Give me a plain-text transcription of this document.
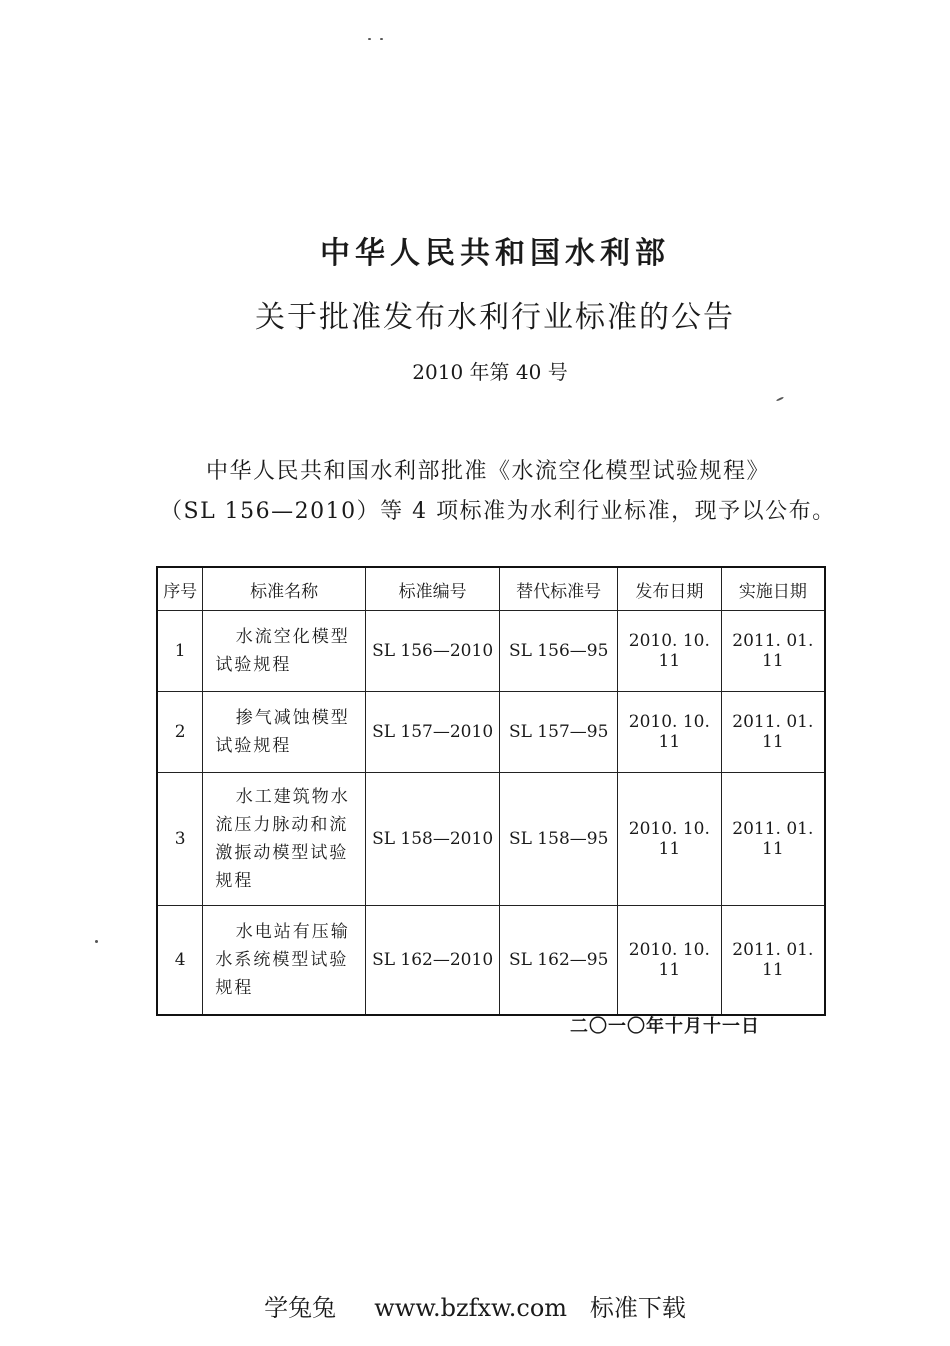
中华人民共和国水利部
关于批准发布水利行业标准的公告
2010 年第 40 号
中华人民共和国水利部批准《水流空化模型试验规程》
（SL 156—2010）等 4 项标准为水利行业标准，现予以公布。
序号	标准名称	标准编号	替代标准号	发布日期	实施日期
1	水流空化模型试验规程	SL 156—2010	SL 156—95	2010. 10. 11	2011. 01. 11
2	掺气减蚀模型试验规程	SL 157—2010	SL 157—95	2010. 10. 11	2011. 01. 11
3	水工建筑物水流压力脉动和流激振动模型试验规程	SL 158—2010	SL 158—95	2010. 10. 11	2011. 01. 11
4	水电站有压输水系统模型试验规程	SL 162—2010	SL 162—95	2010. 10. 11	2011. 01. 11
二〇一〇年十月十一日
学兔兔 www.bzfxw.com 标准下载
